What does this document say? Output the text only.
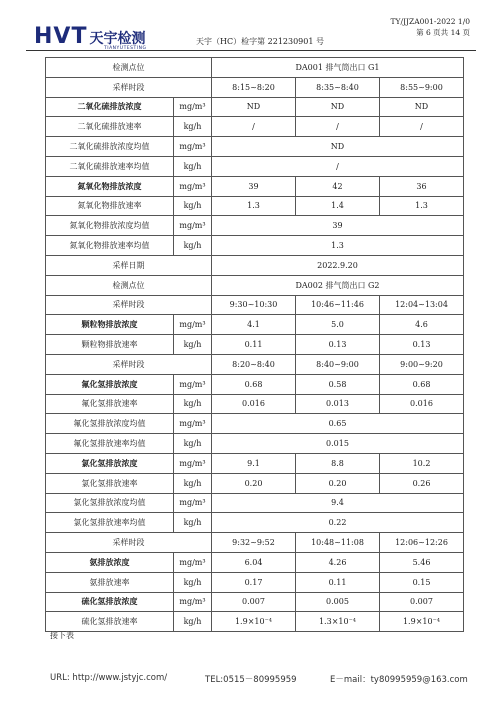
HVT 天宇检测
TIANYUTESTING
天宇（HC）检字第 221230901 号
TY/JJZA001-2022 1/0
第 6 页共 14 页
检测点位		DA001 排气筒出口 G1		
采样时段		8:15~8:20	8:35~8:40	8:55~9:00
二氧化硫排放浓度	mg/m³	ND	ND	ND
二氧化硫排放速率	kg/h	/	/	/
二氧化硫排放浓度均值	mg/m³	ND		
二氧化硫排放速率均值	kg/h	/		
氮氧化物排放浓度	mg/m³	39	42	36
氮氧化物排放速率	kg/h	1.3	1.4	1.3
氮氧化物排放浓度均值	mg/m³	39		
氮氧化物排放速率均值	kg/h	1.3		
采样日期		2022.9.20		
检测点位		DA002 排气筒出口 G2		
采样时段		9:30~10:30	10:46~11:46	12:04~13:04
颗粒物排放浓度	mg/m³	4.1	5.0	4.6
颗粒物排放速率	kg/h	0.11	0.13	0.13
采样时段		8:20~8:40	8:40~9:00	9:00~9:20
氟化氢排放浓度	mg/m³	0.68	0.58	0.68
氟化氢排放速率	kg/h	0.016	0.013	0.016
氟化氢排放浓度均值	mg/m³	0.65		
氟化氢排放速率均值	kg/h	0.015		
氯化氢排放浓度	mg/m³	9.1	8.8	10.2
氯化氢排放速率	kg/h	0.20	0.20	0.26
氯化氢排放浓度均值	mg/m³	9.4		
氯化氢排放速率均值	kg/h	0.22		
采样时段		9:32~9:52	10:48~11:08	12:06~12:26
氨排放浓度	mg/m³	6.04	4.26	5.46
氨排放速率	kg/h	0.17	0.11	0.15
硫化氢排放浓度	mg/m³	0.007	0.005	0.007
硫化氢排放速率	kg/h	1.9×10⁻⁴	1.3×10⁻⁴	1.9×10⁻⁴
接下表
URL: http://www.jstyjc.com/	TEL:0515－80995959	E－mail：ty80995959@163.com
